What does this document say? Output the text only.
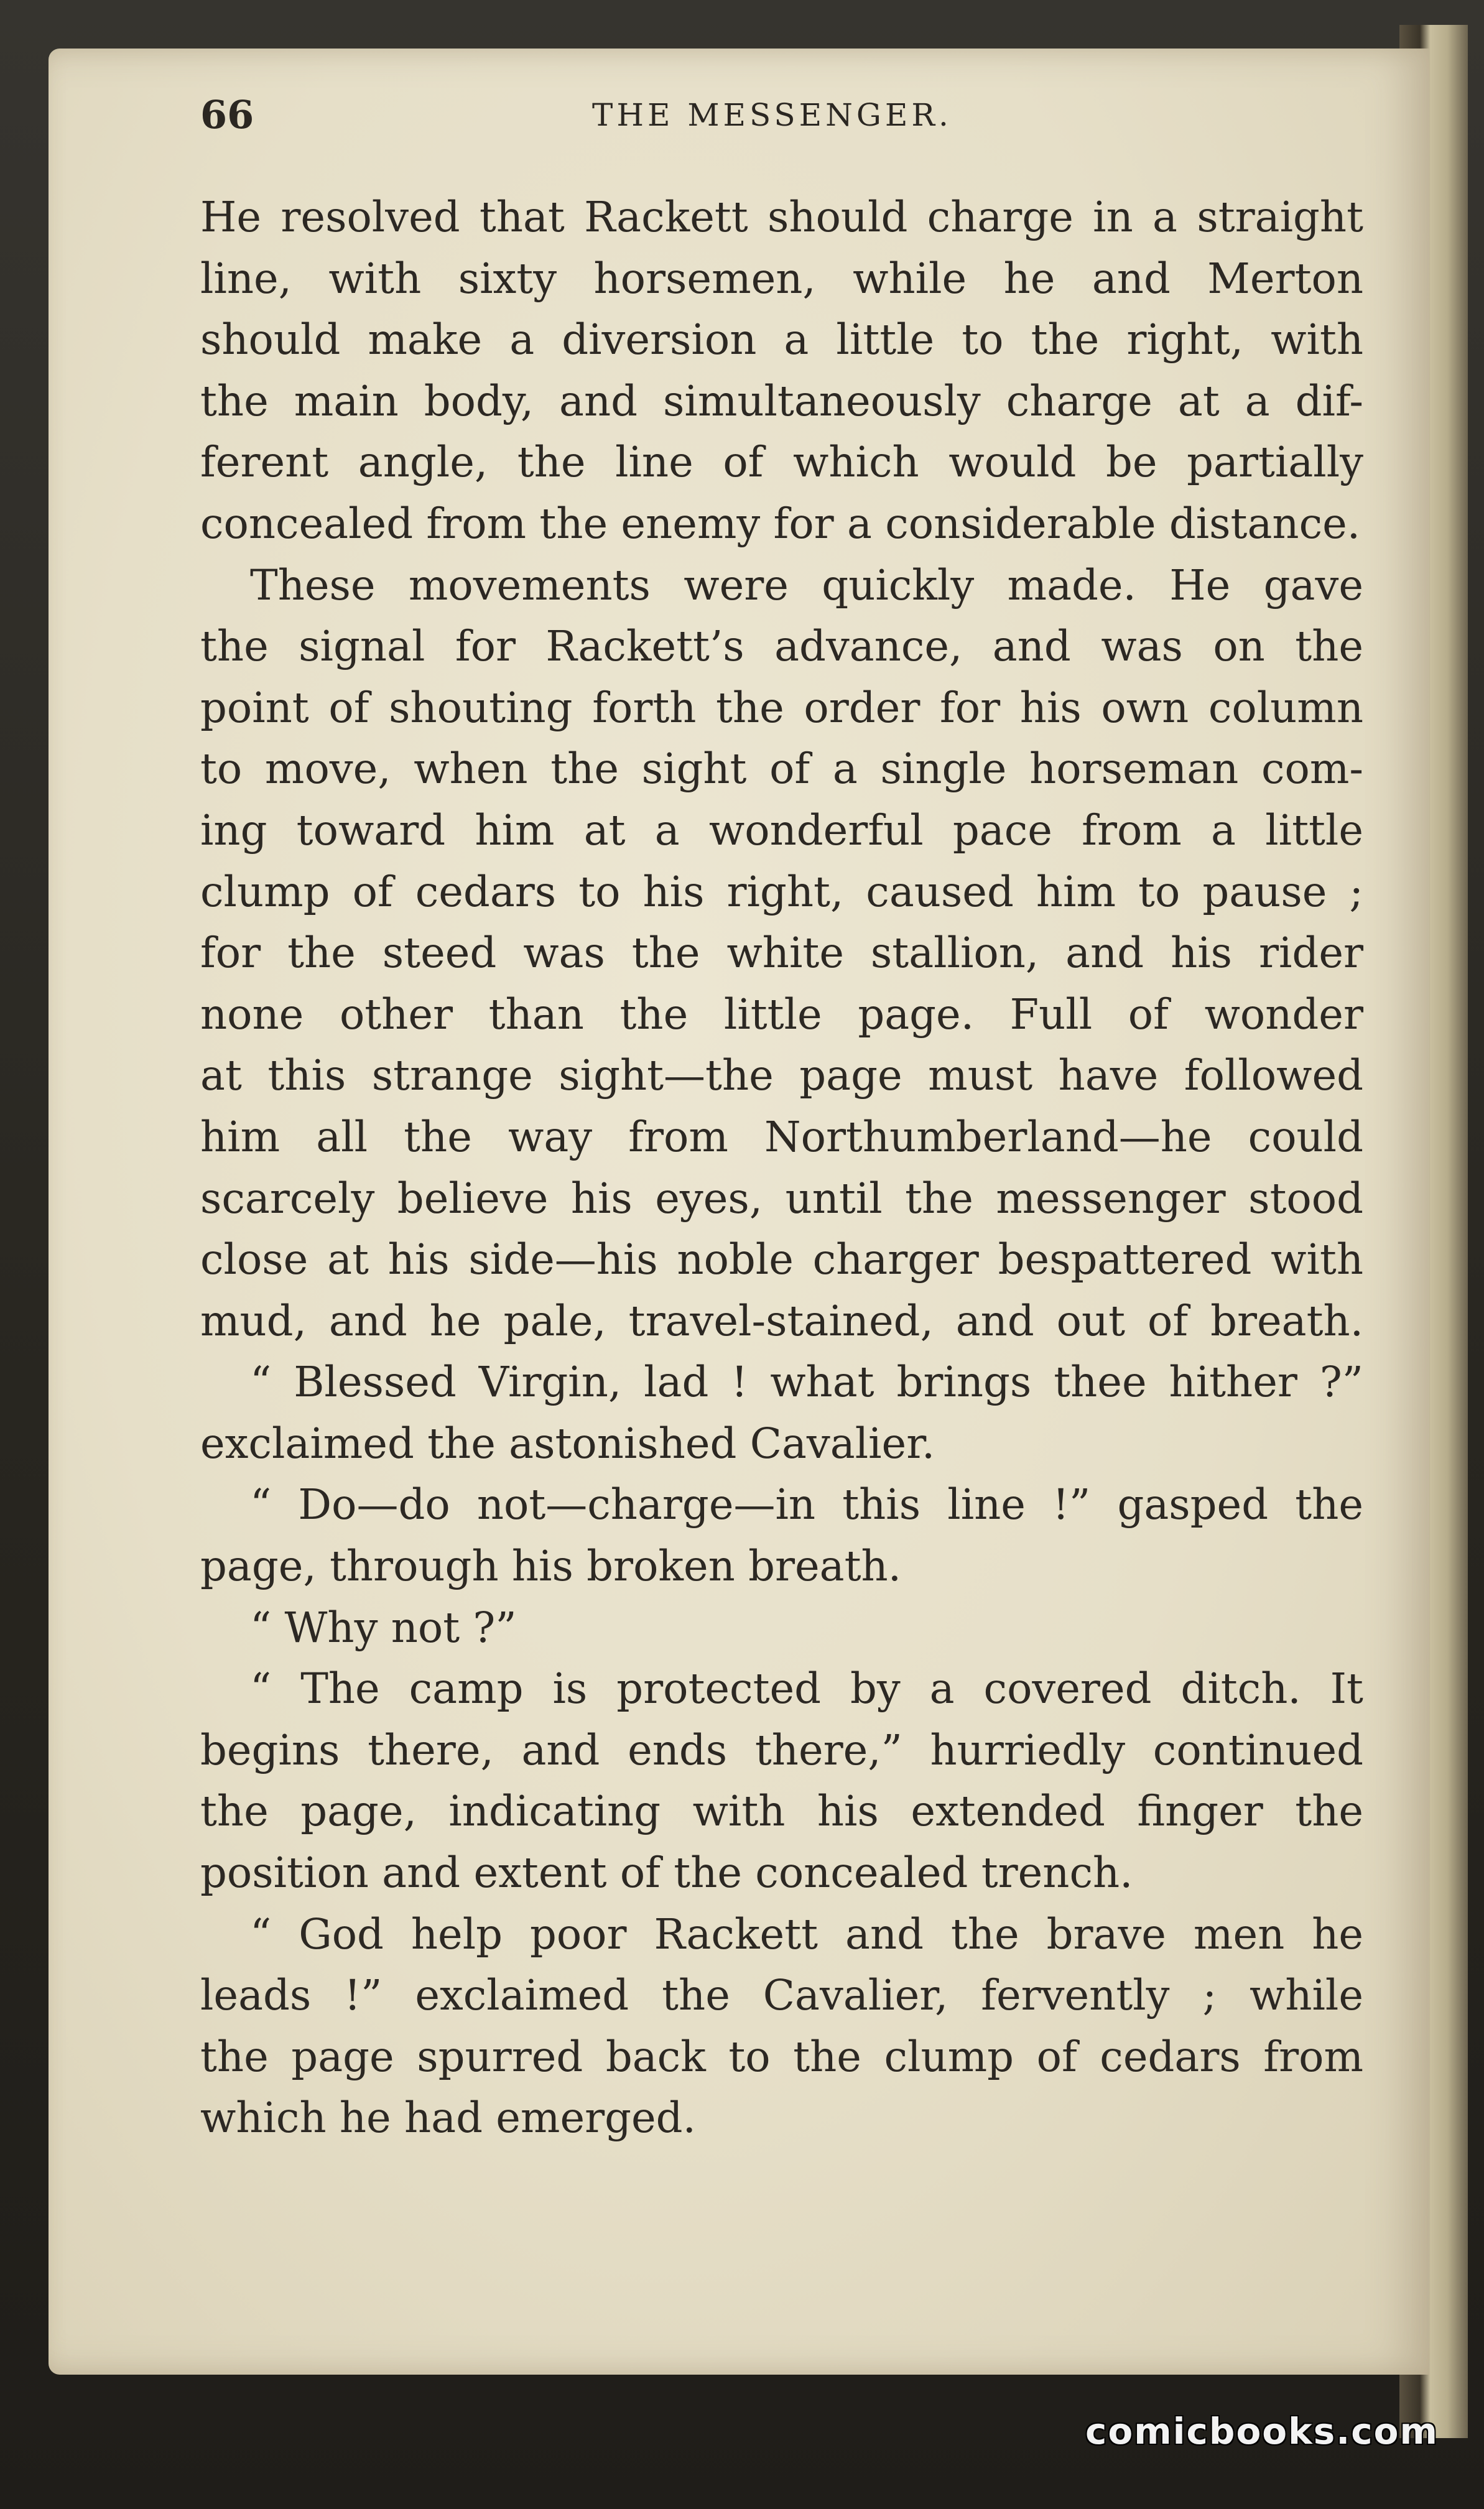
66	THE MESSENGER.
He resolved that Rackett should charge in a straight
line, with sixty horsemen, while he and Merton
should make a diversion a little to the right, with
the main body, and simultaneously charge at a dif-
ferent angle, the line of which would be partially
concealed from the enemy for a considerable distance.
These movements were quickly made. He gave
the signal for Rackett’s advance, and was on the
point of shouting forth the order for his own column
to move, when the sight of a single horseman com-
ing toward him at a wonderful pace from a little
clump of cedars to his right, caused him to pause ;
for the steed was the white stallion, and his rider
none other than the little page. Full of wonder
at this strange sight—the page must have followed
him all the way from Northumberland—he could
scarcely believe his eyes, until the messenger stood
close at his side—his noble charger bespattered with
mud, and he pale, travel-stained, and out of breath.
“ Blessed Virgin, lad ! what brings thee hither ?”
exclaimed the astonished Cavalier.
“ Do—do not—charge—in this line !” gasped the
page, through his broken breath.
“ Why not ?”
“ The camp is protected by a covered ditch. It
begins there, and ends there,” hurriedly continued
the page, indicating with his extended finger the
position and extent of the concealed trench.
“ God help poor Rackett and the brave men he
leads !” exclaimed the Cavalier, fervently ; while
the page spurred back to the clump of cedars from
which he had emerged.
comicbooks.com
